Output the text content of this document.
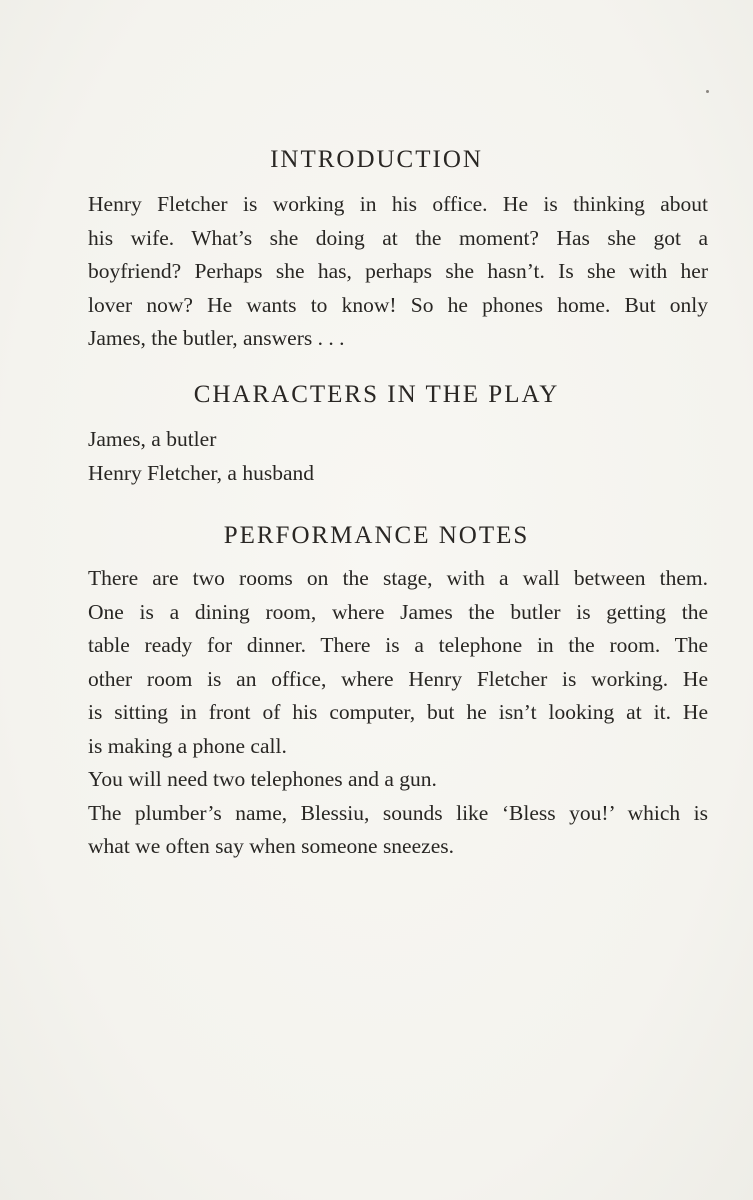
INTRODUCTION
Henry Fletcher is working in his office. He is thinking about
his wife. What’s she doing at the moment? Has she got a
boyfriend? Perhaps she has, perhaps she hasn’t. Is she with her
lover now? He wants to know! So he phones home. But only
James, the butler, answers . . .
CHARACTERS IN THE PLAY
James, a butler
Henry Fletcher, a husband
PERFORMANCE NOTES
There are two rooms on the stage, with a wall between them.
One is a dining room, where James the butler is getting the
table ready for dinner. There is a telephone in the room. The
other room is an office, where Henry Fletcher is working. He
is sitting in front of his computer, but he isn’t looking at it. He
is making a phone call.
You will need two telephones and a gun.
The plumber’s name, Blessiu, sounds like ‘Bless you!’ which is
what we often say when someone sneezes.
